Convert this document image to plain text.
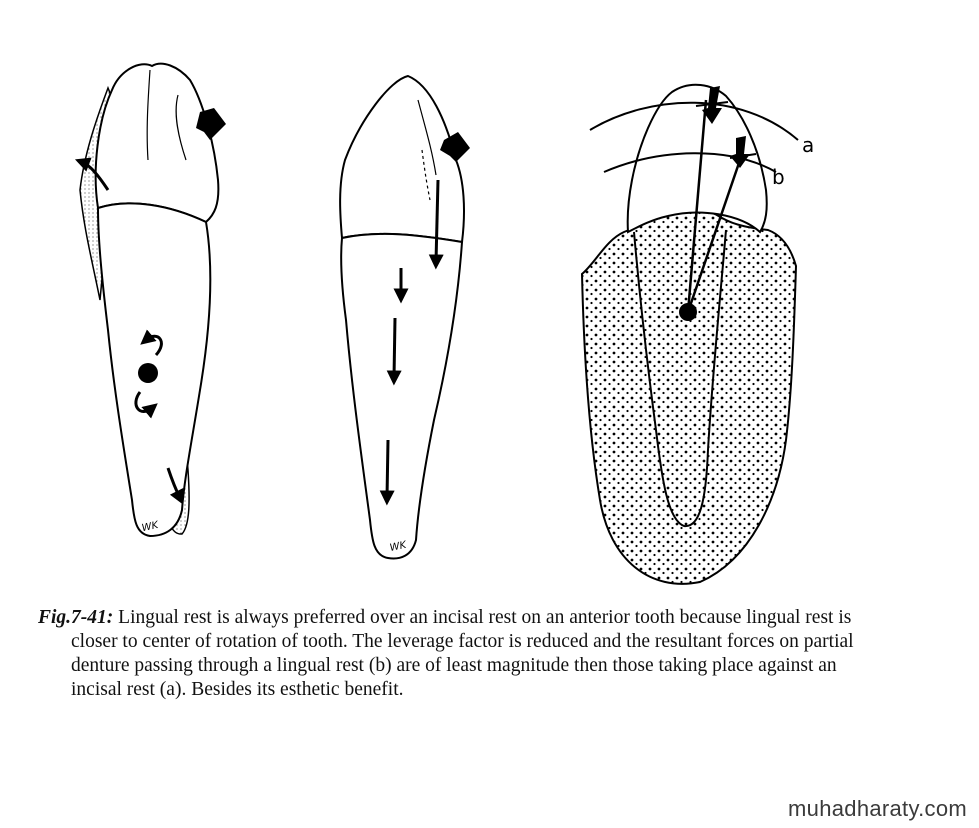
WK
WK
a
b
Fig.7-41: Lingual rest is always preferred over an incisal rest on an anterior tooth because lingual rest is closer to center of rotation of tooth. The leverage factor is reduced and the resultant forces on partial denture passing through a lingual rest (b) are of least magnitude then those taking place against an incisal rest (a). Besides its esthetic benefit.
muhadharaty.com
